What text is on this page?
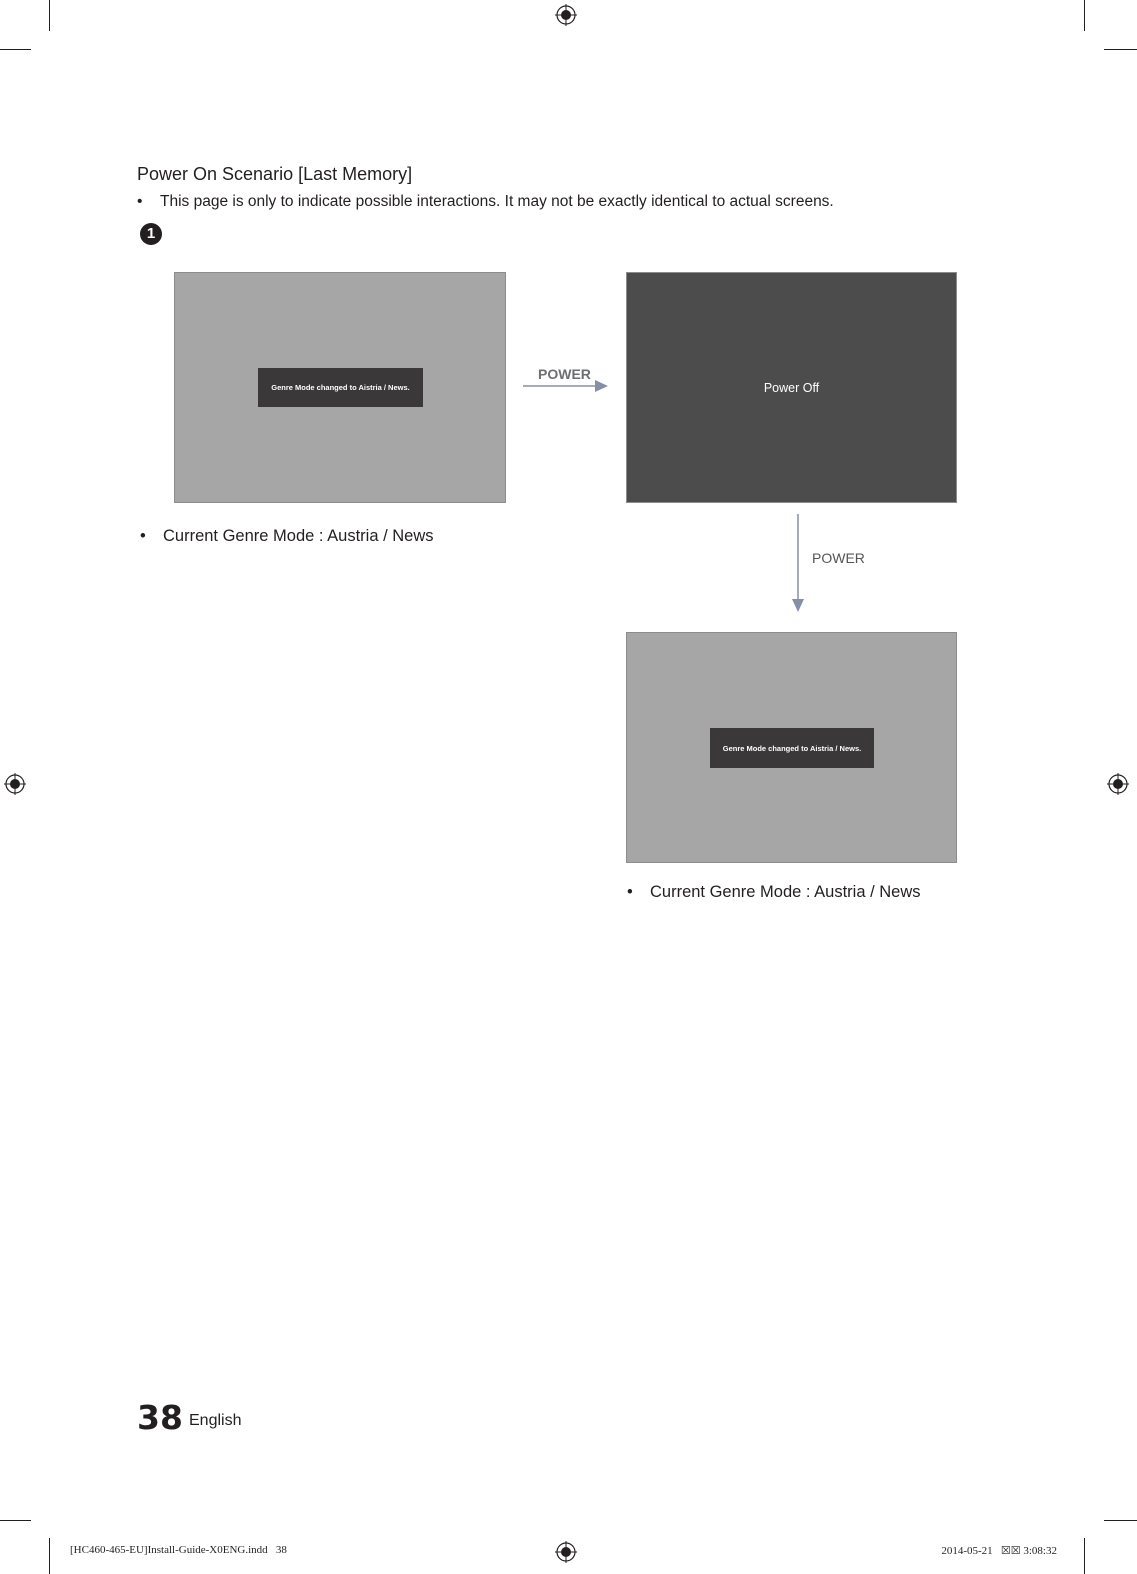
Power On Scenario [Last Memory]
• This page is only to indicate possible interactions. It may not be exactly identical to actual screens.
1
Genre Mode changed to Aistria / News.
POWER
Power Off
POWER
• Current Genre Mode : Austria / News
Genre Mode changed to Aistria / News.
• Current Genre Mode : Austria / News
38 English
[HC460-465-EU]Install-Guide-X0ENG.indd   38	2014-05-21   ☒☒ 3:08:32
